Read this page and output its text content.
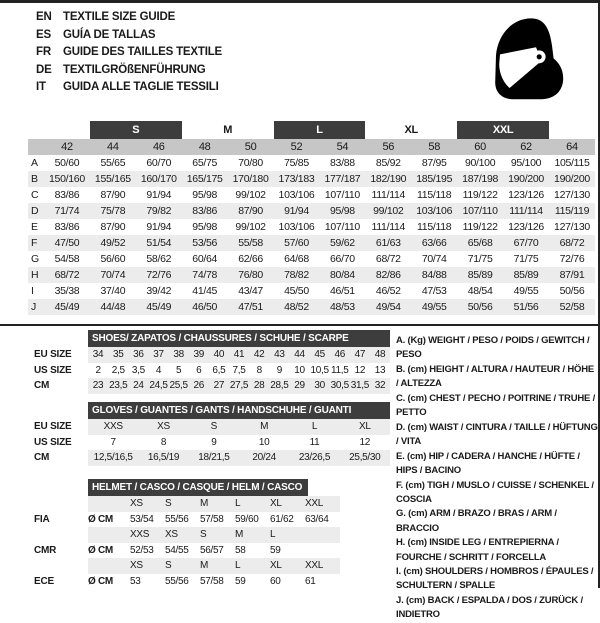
EN TEXTILE SIZE GUIDE
ES	GUÍA DE TALLAS
FR	GUIDE DES TAILLES TEXTILE
DE TEXTILGRÖßENFÜHRUNG
IT	GUIDA ALLE TAGLIE TESSILI
		S		M		L		XL		XXL		
	42	44	46	48	50	52	54	56	58	60	62	64
A	50/60	55/65	60/70	65/75	70/80	75/85	83/88	85/92	87/95	90/100	95/100	105/115
B	150/160	155/165	160/170	165/175	170/180	173/183	177/187	182/190	185/195	187/198	190/200	190/200
C	83/86	87/90	91/94	95/98	99/102	103/106	107/110	111/114	115/118	119/122	123/126	127/130
D	71/74	75/78	79/82	83/86	87/90	91/94	95/98	99/102	103/106	107/110	111/114	115/119
E	83/86	87/90	91/94	95/98	99/102	103/106	107/110	111/114	115/118	119/122	123/126	127/130
F	47/50	49/52	51/54	53/56	55/58	57/60	59/62	61/63	63/66	65/68	67/70	68/72
G	54/58	56/60	58/62	60/64	62/66	64/68	66/70	68/72	70/74	71/75	71/75	72/76
H	68/72	70/74	72/76	74/78	76/80	78/82	80/84	82/86	84/88	85/89	85/89	87/91
I	35/38	37/40	39/42	41/45	43/47	45/50	46/51	46/52	47/53	48/54	49/55	50/56
J	45/49	44/48	45/49	46/50	47/51	48/52	48/53	49/54	49/55	50/56	51/56	52/58
SHOES/ ZAPATOS / CHAUSSURES / SCHUHE / SCARPE
EU SIZE	34 35 36 37 38 39 40 41 42 43 44 45 46 47 48
US SIZE	2	2,5 3,5	4	5	6	6,5 7,5	8	9	10 10,5 11,5 12 13
CM	23 23,5 24 24,5 25,5 26 27 27,5 28 28,5 29 30 30,5 31,5 32
GLOVES / GUANTES / GANTS / HANDSCHUHE / GUANTI
EU SIZE	XXS	XS	S	M	L	XL
US SIZE	7	8	9	10	11	12
CM	12,5/16,5	16,5/19	18/21,5	20/24	23/26,5	25,5/30
HELMET / CASCO / CASQUE / HELM / CASCO
XS	S	M	L	XL	XXL
FIA	Ø CM	53/54	55/56	57/58	59/60	61/62	63/64
XXS	XS	S	M	L
CMR	Ø CM	52/53	54/55	56/57	58	59
XS	S	M	L	XL	XXL
ECE	Ø CM	53	55/56	57/58	59	60	61
A. (Kg) WEIGHT / PESO / POIDS / GEWITCH / PESO
B. (cm) HEIGHT / ALTURA / HAUTEUR / HÖHE / ALTEZZA
C. (cm) CHEST / PECHO / POITRINE / TRUHE / PETTO
D. (cm) WAIST / CINTURA / TAILLE / HÜFTUNG / VITA
E. (cm) HIP / CADERA / HANCHE / HÜFTE / HIPS / BACINO
F. (cm) TIGH / MUSLO / CUISSE / SCHENKEL / COSCIA
G. (cm) ARM / BRAZO / BRAS / ARM / BRACCIO
H. (cm) INSIDE LEG / ENTREPIERNA / FOURCHE / SCHRITT / FORCELLA
I. (cm) SHOULDERS / HOMBROS / ÉPAULES / SCHULTERN / SPALLE
J. (cm) BACK / ESPALDA / DOS / ZURÜCK / INDIETRO
